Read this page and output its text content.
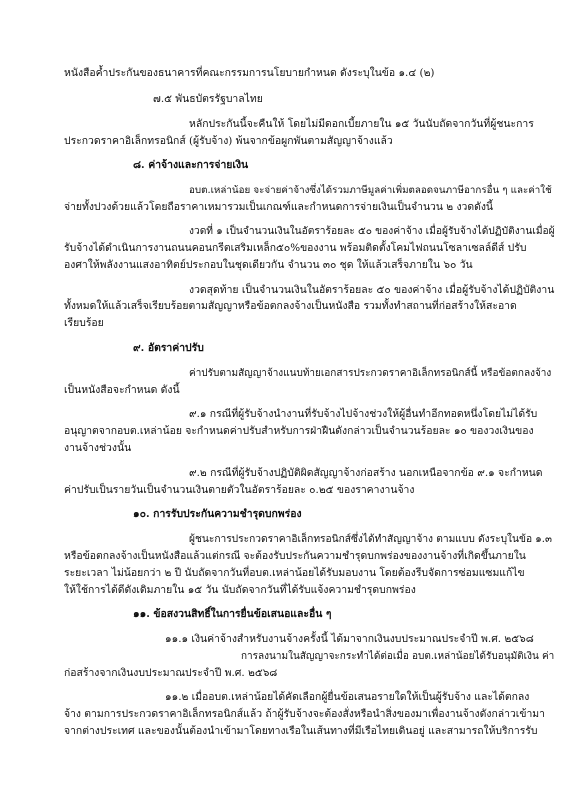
หนังสือค้ำประกันของธนาคารที่คณะกรรมการนโยบายกำหนด ดังระบุในข้อ ๑.๔ (๒)
๗.๕ พันธบัตรรัฐบาลไทย
หลักประกันนี้จะคืนให้ โดยไม่มีดอกเบี้ยภายใน ๑๕ วันนับถัดจากวันที่ผู้ชนะการ
ประกวดราคาอิเล็กทรอนิกส์ (ผู้รับจ้าง) พ้นจากข้อผูกพันตามสัญญาจ้างแล้ว
๘. ค่าจ้างและการจ่ายเงิน
อบต.เหล่าน้อย จะจ่ายค่าจ้างซึ่งได้รวมภาษีมูลค่าเพิ่มตลอดจนภาษีอากรอื่น ๆ และค่าใช้
จ่ายทั้งปวงด้วยแล้วโดยถือราคาเหมารวมเป็นเกณฑ์และกำหนดการจ่ายเงินเป็นจำนวน ๒ งวดดังนี้
งวดที่ ๑ เป็นจำนวนเงินในอัตราร้อยละ ๕๐ ของค่าจ้าง เมื่อผู้รับจ้างได้ปฏิบัติงานเมื่อผู้
รับจ้างได้ดำเนินการงานถนนคอนกรีตเสริมเหล็ก๕๐%ของงาน พร้อมติดตั้งโคมไฟถนนโซลาเซลล์ดีส์ ปรับ
องศาให้พลังงานแสงอาทิตย์ประกอบในชุดเดียวกัน จำนวน ๓๐ ชุด ให้แล้วเสร็จภายใน ๖๐ วัน
งวดสุดท้าย เป็นจำนวนเงินในอัตราร้อยละ ๕๐ ของค่าจ้าง เมื่อผู้รับจ้างได้ปฏิบัติงาน
ทั้งหมดให้แล้วเสร็จเรียบร้อยตามสัญญาหรือข้อตกลงจ้างเป็นหนังสือ รวมทั้งทำสถานที่ก่อสร้างให้สะอาด
เรียบร้อย
๙. อัตราค่าปรับ
ค่าปรับตามสัญญาจ้างแนบท้ายเอกสารประกวดราคาอิเล็กทรอนิกส์นี้ หรือข้อตกลงจ้าง
เป็นหนังสือจะกำหนด ดังนี้
๙.๑ กรณีที่ผู้รับจ้างนำงานที่รับจ้างไปจ้างช่วงให้ผู้อื่นทำอีกทอดหนึ่งโดยไม่ได้รับ
อนุญาตจากอบต.เหล่าน้อย จะกำหนดค่าปรับสำหรับการฝ่าฝืนดังกล่าวเป็นจำนวนร้อยละ ๑๐ ของวงเงินของ
งานจ้างช่วงนั้น
๙.๒ กรณีที่ผู้รับจ้างปฏิบัติผิดสัญญาจ้างก่อสร้าง นอกเหนือจากข้อ ๙.๑ จะกำหนด
ค่าปรับเป็นรายวันเป็นจำนวนเงินตายตัวในอัตราร้อยละ ๐.๒๕ ของราคางานจ้าง
๑๐. การรับประกันความชำรุดบกพร่อง
ผู้ชนะการประกวดราคาอิเล็กทรอนิกส์ซึ่งได้ทำสัญญาจ้าง ตามแบบ ดังระบุในข้อ ๑.๓
หรือข้อตกลงจ้างเป็นหนังสือแล้วแต่กรณี จะต้องรับประกันความชำรุดบกพร่องของงานจ้างที่เกิดขึ้นภายใน
ระยะเวลา ไม่น้อยกว่า ๒ ปี นับถัดจากวันที่อบต.เหล่าน้อยได้รับมอบงาน โดยต้องรีบจัดการซ่อมแซมแก้ไข
ให้ใช้การได้ดีดังเดิมภายใน ๑๕ วัน นับถัดจากวันที่ได้รับแจ้งความชำรุดบกพร่อง
๑๑. ข้อสงวนสิทธิ์ในการยื่นข้อเสนอและอื่น ๆ
๑๑.๑ เงินค่าจ้างสำหรับงานจ้างครั้งนี้ ได้มาจากเงินงบประมาณประจำปี พ.ศ. ๒๕๖๘
การลงนามในสัญญาจะกระทำได้ต่อเมื่อ อบต.เหล่าน้อยได้รับอนุมัติเงิน ค่า
ก่อสร้างจากเงินงบประมาณประจำปี พ.ศ. ๒๕๖๘
๑๑.๒ เมื่ออบต.เหล่าน้อยได้คัดเลือกผู้ยื่นข้อเสนอรายใดให้เป็นผู้รับจ้าง และได้ตกลง
จ้าง ตามการประกวดราคาอิเล็กทรอนิกส์แล้ว ถ้าผู้รับจ้างจะต้องสั่งหรือนำสิ่งของมาเพื่องานจ้างดังกล่าวเข้ามา
จากต่างประเทศ และของนั้นต้องนำเข้ามาโดยทางเรือในเส้นทางที่มีเรือไทยเดินอยู่ และสามารถให้บริการรับ
